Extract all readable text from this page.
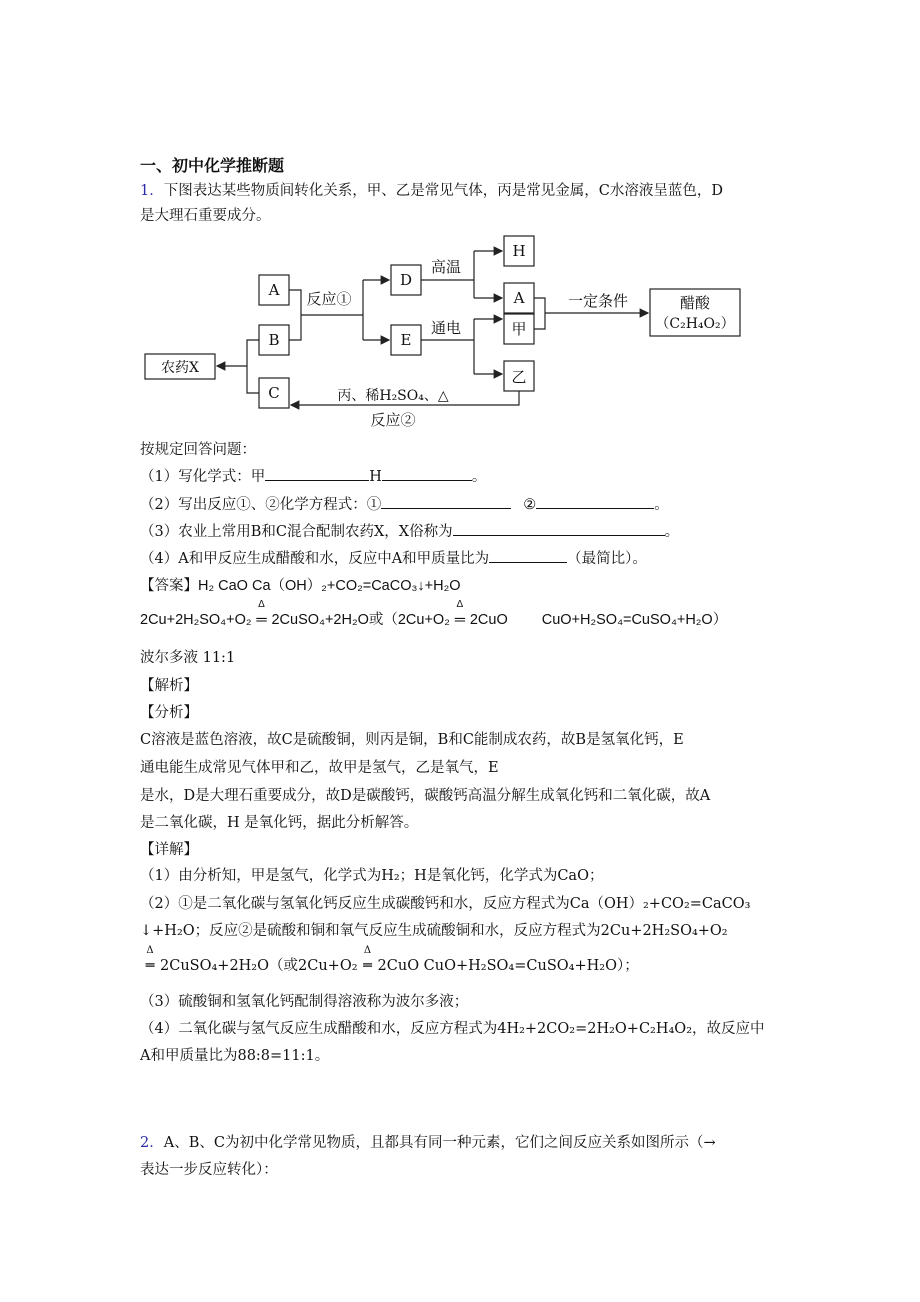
一、初中化学推断题
1．下图表达某些物质间转化关系，甲、乙是常见气体，丙是常见金属，C水溶液呈蓝色，D
是大理石重要成分。
A
B
C
农药X
D
E
H
A
甲
乙
醋酸
（C₂H₄O₂）
反应①
高温
通电
一定条件
丙、稀H₂SO₄、△
反应②
按规定回答问题：
（1）写化学式：甲	H	。
（2）写出反应①、②化学方程式：①	②	。
（3）农业上常用B和C混合配制农药X，X俗称为	。
（4）A和甲反应生成醋酸和水，反应中A和甲质量比为	（最简比）。
【答案】H₂ CaO Ca（OH）₂+CO₂=CaCO₃↓+H₂O
2Cu+2H₂SO₄+O₂
Δ
═ 2CuSO₄+2H₂O或（2Cu+O₂
Δ
═ 2CuO CuO+H₂SO₄=CuSO₄+H₂O）
波尔多液 11:1
【解析】
【分析】
C溶液是蓝色溶液，故C是硫酸铜，则丙是铜，B和C能制成农药，故B是氢氧化钙，E
通电能生成常见气体甲和乙，故甲是氢气，乙是氧气，E
是水，D是大理石重要成分，故D是碳酸钙，碳酸钙高温分解生成氧化钙和二氧化碳，故A
是二氧化碳，H 是氧化钙，据此分析解答。
【详解】
（1）由分析知，甲是氢气，化学式为H₂；H是氧化钙，化学式为CaO；
（2）①是二氧化碳与氢氧化钙反应生成碳酸钙和水，反应方程式为Ca（OH）₂+CO₂=CaCO₃
↓+H₂O；反应②是硫酸和铜和氧气反应生成硫酸铜和水，反应方程式为2Cu+2H₂SO₄+O₂
Δ
═ 2CuSO₄+2H₂O（或2Cu+O₂
Δ
═ 2CuO CuO+H₂SO₄=CuSO₄+H₂O）；
（3）硫酸铜和氢氧化钙配制得溶液称为波尔多液；
（4）二氧化碳与氢气反应生成醋酸和水，反应方程式为4H₂+2CO₂=2H₂O+C₂H₄O₂，故反应中
A和甲质量比为88:8=11:1。
2．A、B、C为初中化学常见物质，且都具有同一种元素，它们之间反应关系如图所示（→
表达一步反应转化）：
